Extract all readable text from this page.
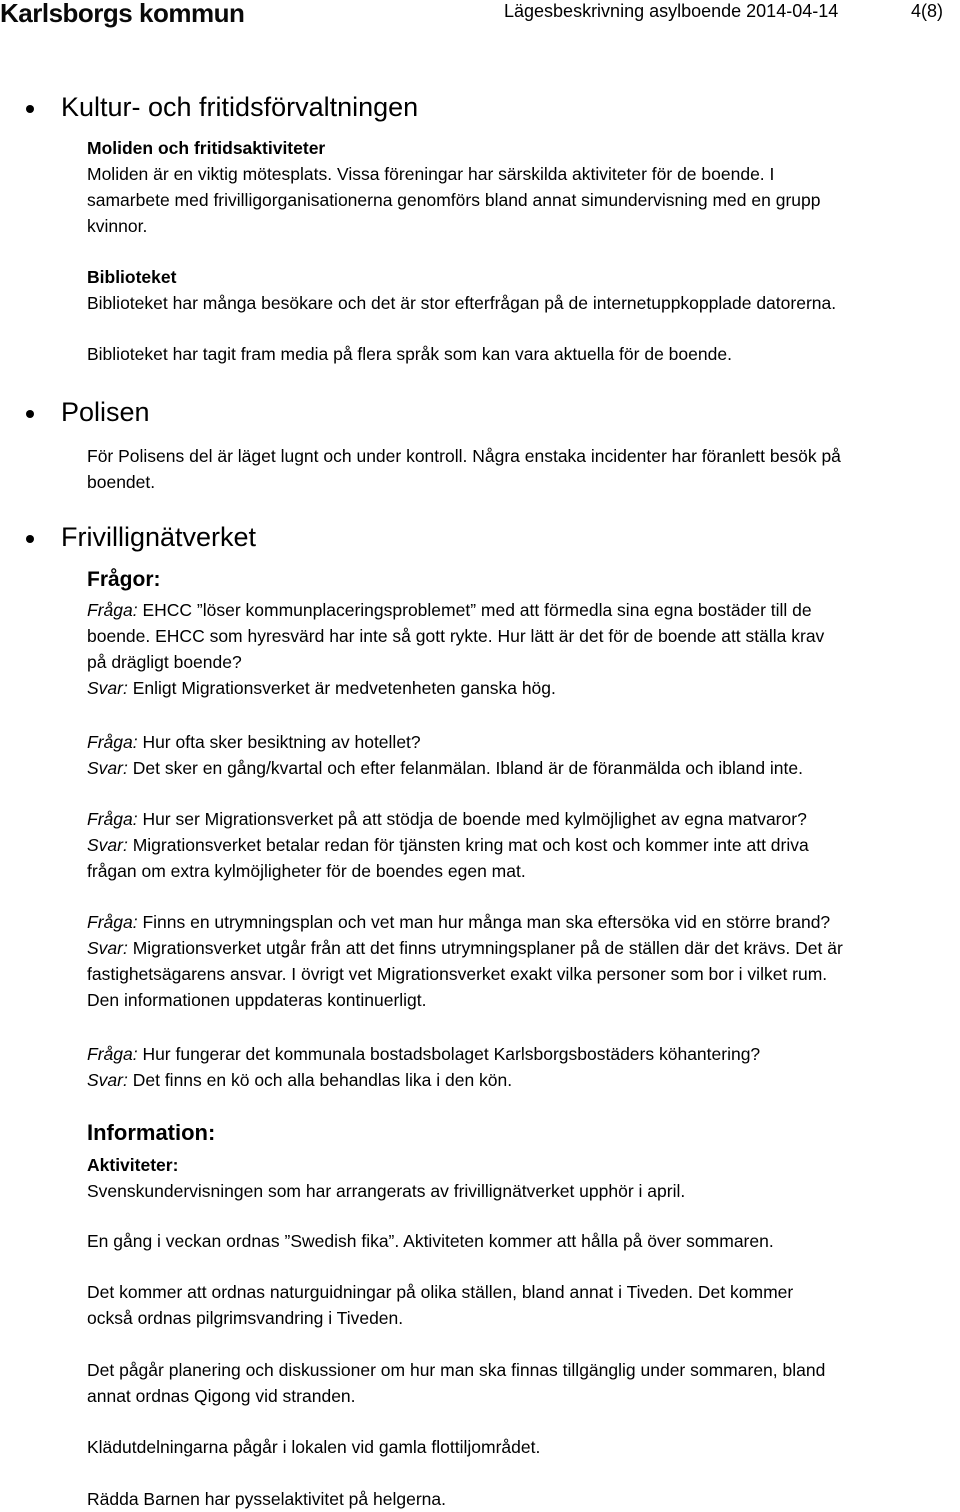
Karlsborgs kommun	Lägesbeskrivning asylboende 2014-04-14	4(8)
Kultur- och fritidsförvaltningen

Moliden och fritidsaktiviteter

Moliden är en viktig mötesplats. Vissa föreningar har särskilda aktiviteter för de boende. I

samarbete med frivilligorganisationerna genomförs bland annat simundervisning med en grupp

kvinnor.

Biblioteket

Biblioteket har många besökare och det är stor efterfrågan på de internetuppkopplade datorerna.

Biblioteket har tagit fram media på flera språk som kan vara aktuella för de boende.

Polisen

För Polisens del är läget lugnt och under kontroll. Några enstaka incidenter har föranlett besök på

boendet.

Frivillignätverket

Frågor:

Fråga: EHCC ”löser kommunplaceringsproblemet” med att förmedla sina egna bostäder till de

boende. EHCC som hyresvärd har inte så gott rykte. Hur lätt är det för de boende att ställa krav

på drägligt boende?

Svar: Enligt Migrationsverket är medvetenheten ganska hög.

Fråga: Hur ofta sker besiktning av hotellet?

Svar: Det sker en gång/kvartal och efter felanmälan. Ibland är de föranmälda och ibland inte.

Fråga: Hur ser Migrationsverket på att stödja de boende med kylmöjlighet av egna matvaror?

Svar: Migrationsverket betalar redan för tjänsten kring mat och kost och kommer inte att driva

frågan om extra kylmöjligheter för de boendes egen mat.

Fråga: Finns en utrymningsplan och vet man hur många man ska eftersöka vid en större brand?

Svar: Migrationsverket utgår från att det finns utrymningsplaner på de ställen där det krävs. Det är

fastighetsägarens ansvar. I övrigt vet Migrationsverket exakt vilka personer som bor i vilket rum.

Den informationen uppdateras kontinuerligt.

Fråga: Hur fungerar det kommunala bostadsbolaget Karlsborgsbostäders köhantering?

Svar: Det finns en kö och alla behandlas lika i den kön.

Information:

Aktiviteter:

Svenskundervisningen som har arrangerats av frivillignätverket upphör i april.

En gång i veckan ordnas ”Swedish fika”. Aktiviteten kommer att hålla på över sommaren.

Det kommer att ordnas naturguidningar på olika ställen, bland annat i Tiveden. Det kommer

också ordnas pilgrimsvandring i Tiveden.

Det pågår planering och diskussioner om hur man ska finnas tillgänglig under sommaren, bland

annat ordnas Qigong vid stranden.

Klädutdelningarna pågår i lokalen vid gamla flottiljområdet.

Rädda Barnen har pysselaktivitet på helgerna.
